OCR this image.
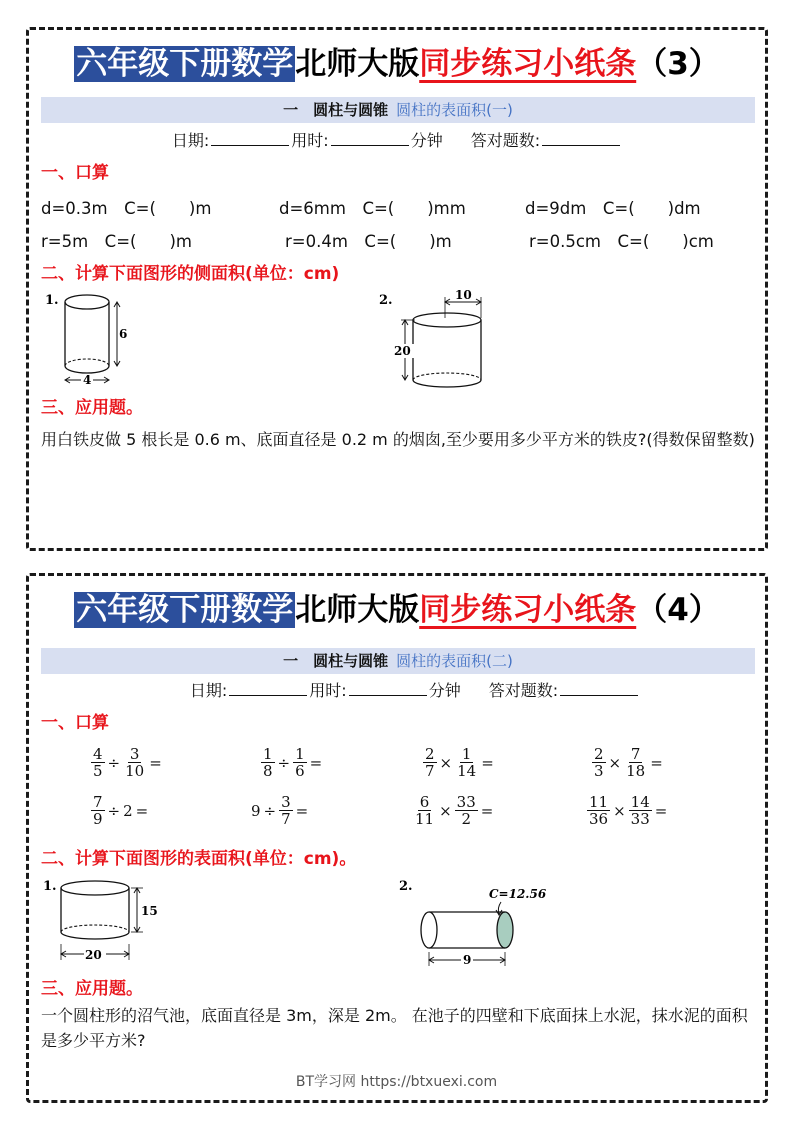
六年级下册数学北师大版同步练习小纸条（3）
一　圆柱与圆锥 圆柱的表面积(一)
日期:	用时:	分钟 答对题数:
一、口算
d=0.3m　C=(　　)m	d=6mm　C=(　　)mm	d=9dm　C=(　　)dm
r=5m　C=(　　)m	r=0.4m　C=(　　)m	r=0.5cm　C=(　　)cm
二、计算下面图形的侧面积(单位：cm)
1.
6
4
2.	10
20
三、应用题。
用白铁皮做 5 根长是 0.6 m、底面直径是 0.2 m 的烟囱,至少要用多少平方米的铁皮?(得数保留整数)
六年级下册数学北师大版同步练习小纸条（4）
一　圆柱与圆锥 圆柱的表面积(二)
日期:	用时:	分钟 答对题数:
一、口算
$\frac{4}{5} \div \frac{3}{10}$ =	$\frac{1}{8} \div \frac{1}{6}$ =	$\frac{2}{7} \times \frac{1}{14}$ =	$\frac{2}{3} \times \frac{7}{18}$ =
$\frac{7}{9} \div 2$ =	$9 \div \frac{3}{7}$ =	$\frac{6}{11} \times \frac{33}{2}$ =	$\frac{11}{36} \times \frac{14}{33}$ =
二、计算下面图形的表面积(单位：cm)。
1.
15
20
2.	C=12.56
9
三、应用题。
一个圆柱形的沼气池，底面直径是 3m，深是 2m。 在池子的四壁和下底面抹上水泥，抹水泥的面积是多少平方米?
BT学习网 https://btxuexi.com
